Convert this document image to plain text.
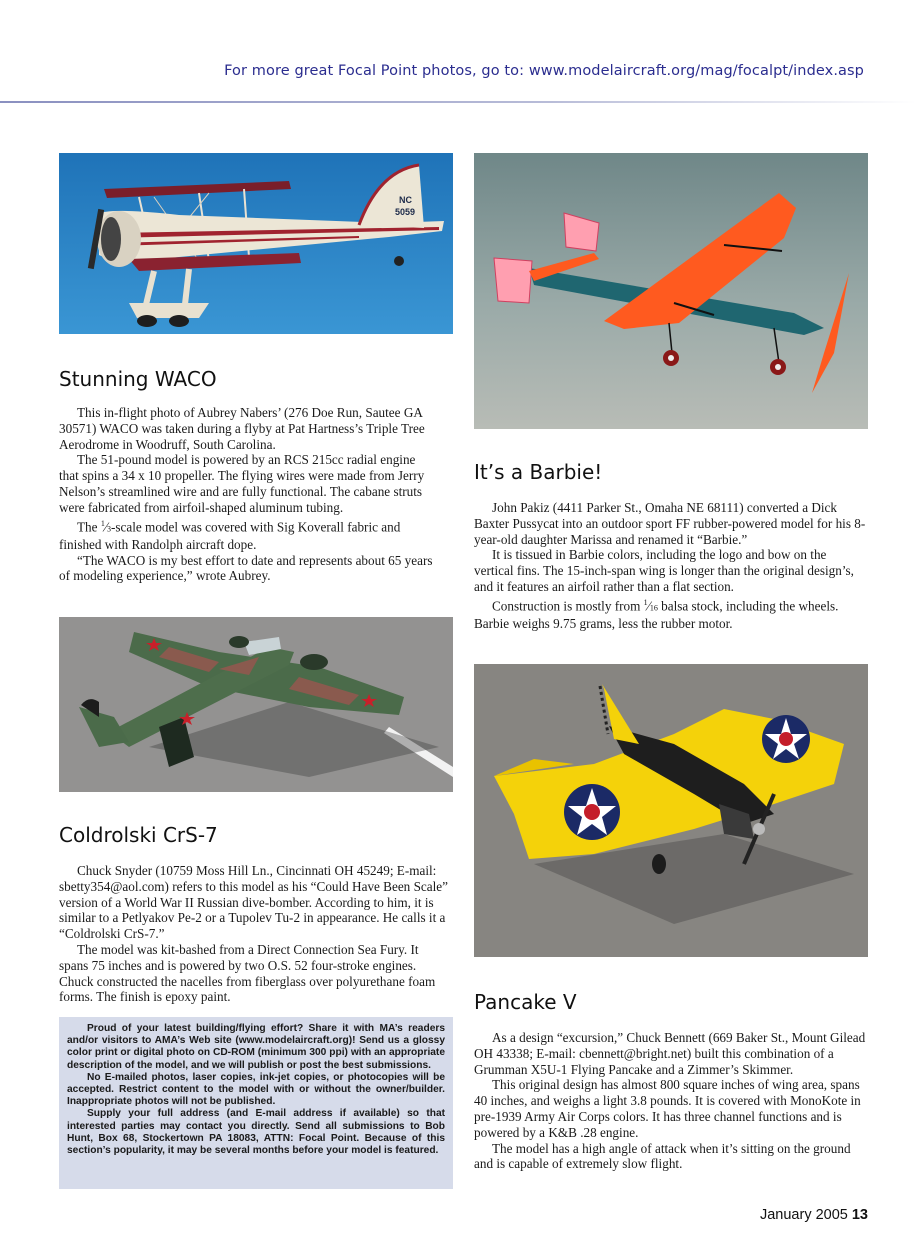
For more great Focal Point photos, go to: www.modelaircraft.org/mag/focalpt/index.asp
NC
5059
Stunning WACO

This in-flight photo of Aubrey Nabers’ (276 Doe Run, Sautee GA 30571) WACO was taken during a flyby at Pat Hartness’s Triple Tree Aerodrome in Woodruff, South Carolina.

The 51-pound model is powered by an RCS 215cc radial engine that spins a 34 x 10 propeller. The flying wires were made from Jerry Nelson’s streamlined wire and are fully functional. The cabane struts were fabricated from airfoil-shaped aluminum tubing.

The $^1$⁄3-scale model was covered with Sig Koverall fabric and finished with Randolph aircraft dope.

“The WACO is my best effort to date and represents about 65 years of modeling experience,” wrote Aubrey.

It’s a Barbie!

John Pakiz (4411 Parker St., Omaha NE 68111) converted a Dick Baxter Pussycat into an outdoor sport FF rubber-powered model for his 8-year-old daughter Marissa and renamed it “Barbie.”

It is tissued in Barbie colors, including the logo and bow on the vertical fins. The 15-inch-span wing is longer than the original design’s, and it features an airfoil rather than a flat section.

Construction is mostly from $^1$⁄16 balsa stock, including the wheels. Barbie weighs 9.75 grams, less the rubber motor.

Coldrolski CrS-7

Chuck Snyder (10759 Moss Hill Ln., Cincinnati OH 45249; E-mail: sbetty354@aol.com) refers to this model as his “Could Have Been Scale” version of a World War II Russian dive-bomber. According to him, it is similar to a Petlyakov Pe-2 or a Tupolev Tu-2 in appearance. He calls it a “Coldrolski CrS-7.”

The model was kit-bashed from a Direct Connection Sea Fury. It spans 75 inches and is powered by two O.S. 52 four-stroke engines. Chuck constructed the nacelles from fiberglass over polyurethane foam forms. The finish is epoxy paint.

Proud of your latest building/flying effort? Share it with MA’s readers and/or visitors to AMA’s Web site (www.modelaircraft.org)! Send us a glossy color print or digital photo on CD-ROM (minimum 300 ppi) with an appropriate description of the model, and we will publish or post the best submissions.

No E-mailed photos, laser copies, ink-jet copies, or photocopies will be accepted. Restrict content to the model with or without the owner/builder. Inappropriate photos will not be published.

Supply your full address (and E-mail address if available) so that interested parties may contact you directly. Send all submissions to Bob Hunt, Box 68, Stockertown PA 18083, ATTN: Focal Point. Because of this section’s popularity, it may be several months before your model is featured.

Pancake V

As a design “excursion,” Chuck Bennett (669 Baker St., Mount Gilead OH 43338; E-mail: cbennett@bright.net) built this combination of a Grumman X5U-1 Flying Pancake and a Zimmer’s Skimmer.

This original design has almost 800 square inches of wing area, spans 40 inches, and weighs a light 3.8 pounds. It is covered with MonoKote in pre-1939 Army Air Corps colors. It has three channel functions and is powered by a K&B .28 engine.

The model has a high angle of attack when it’s sitting on the ground and is capable of extremely slow flight.

January 2005 13
